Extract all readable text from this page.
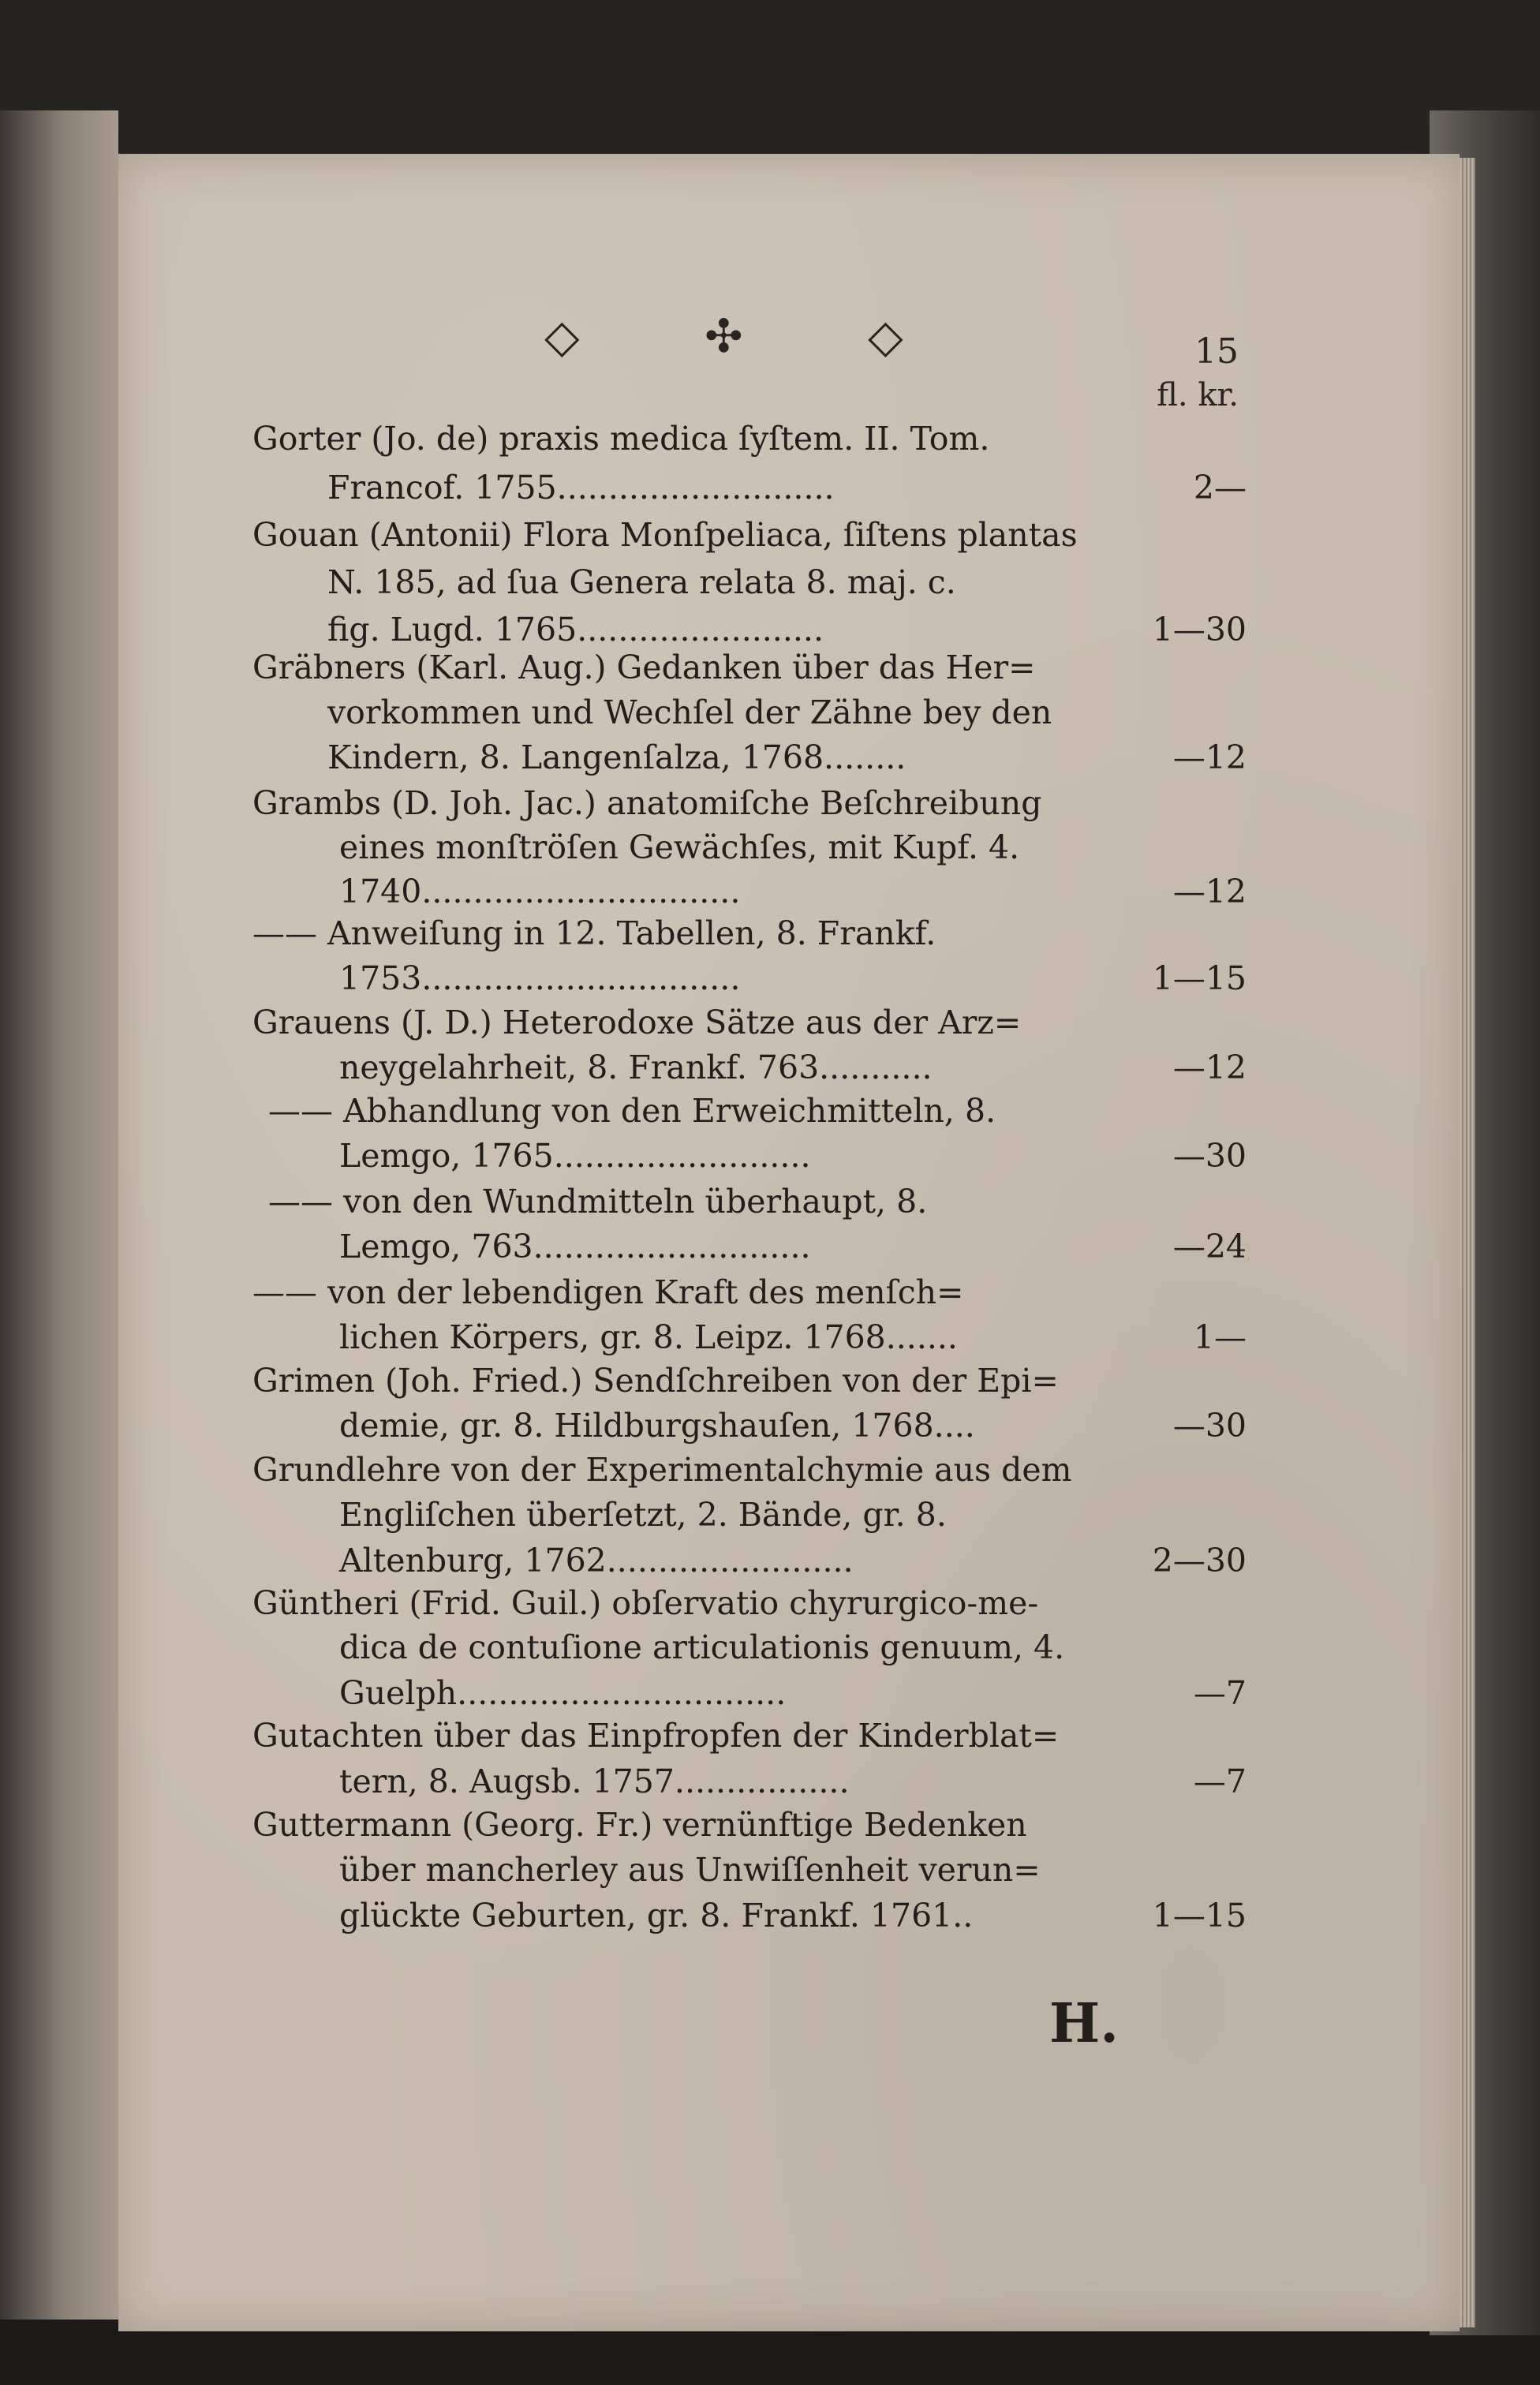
◇ ✣ ◇	15
fl. kr.
Gorter (Jo. de) praxis medica ſyſtem. II. Tom.
Francof. 1755...........................	2—
Gouan (Antonii) Flora Monſpeliaca, ſiſtens plantas
N. 185, ad ſua Genera relata 8. maj. c.
fig. Lugd. 1765........................	1—30
Gräbners (Karl. Aug.) Gedanken über das Her=
vorkommen und Wechſel der Zähne bey den
Kindern, 8. Langenſalza, 1768........	—12
Grambs (D. Joh. Jac.) anatomiſche Beſchreibung
eines monſtröſen Gewächſes, mit Kupf. 4.
1740...............................	—12
—— Anweiſung in 12. Tabellen, 8. Frankf.
1753...............................	1—15
Grauens (J. D.) Heterodoxe Sätze aus der Arz=
neygelahrheit, 8. Frankf. 763...........	—12
—— Abhandlung von den Erweichmitteln, 8.
Lemgo, 1765.........................	—30
—— von den Wundmitteln überhaupt, 8.
Lemgo, 763...........................	—24
—— von der lebendigen Kraft des menſch=
lichen Körpers, gr. 8. Leipz. 1768.......	1—
Grimen (Joh. Fried.) Sendſchreiben von der Epi=
demie, gr. 8. Hildburgshauſen, 1768....	—30
Grundlehre von der Experimentalchymie aus dem
Engliſchen überſetzt, 2. Bände, gr. 8.
Altenburg, 1762........................	2—30
Güntheri (Frid. Guil.) obſervatio chyrurgico-me-
dica de contuſione articulationis genuum, 4.
Guelph................................	—7
Gutachten über das Einpfropfen der Kinderblat=
tern, 8. Augsb. 1757.................	—7
Guttermann (Georg. Fr.) vernünftige Bedenken
über mancherley aus Unwiſſenheit verun=
glückte Geburten, gr. 8. Frankf. 1761..	1—15
H.
